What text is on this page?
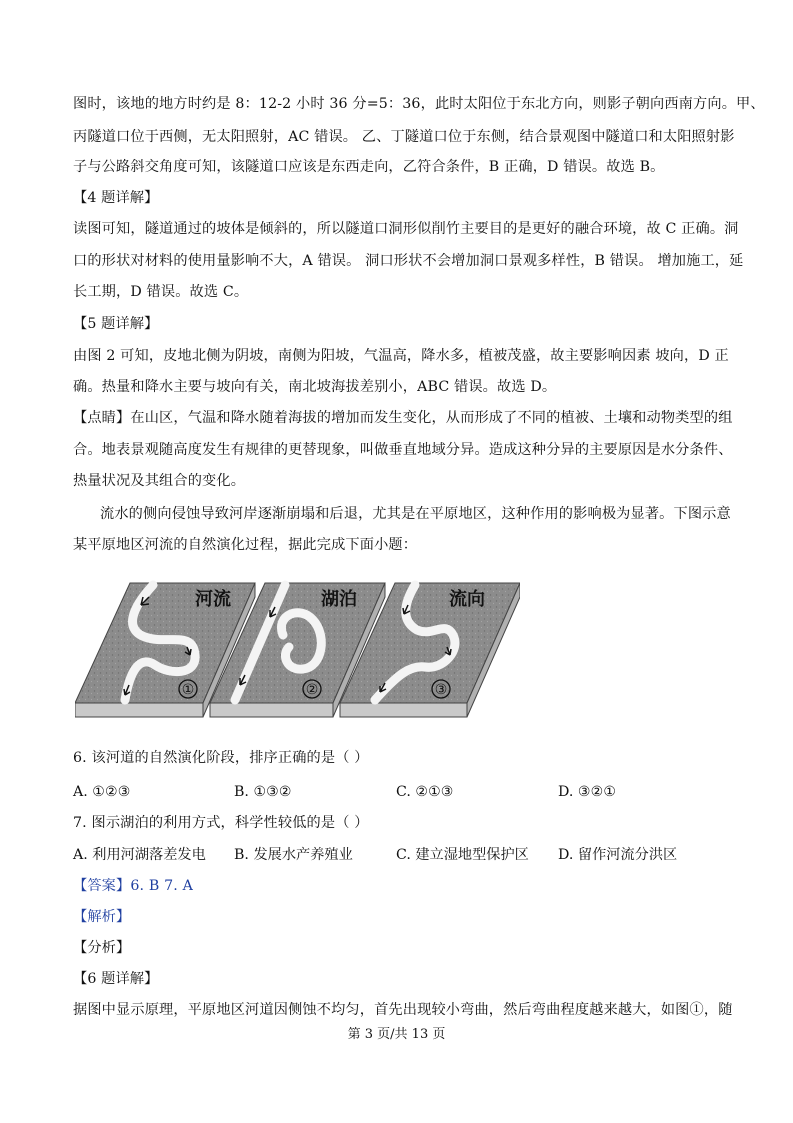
图时，该地的地方时约是 8：12-2 小时 36 分=5：36，此时太阳位于东北方向，则影子朝向西南方向。甲、
丙隧道口位于西侧，无太阳照射，AC 错误。 乙、丁隧道口位于东侧，结合景观图中隧道口和太阳照射影
子与公路斜交角度可知，该隧道口应该是东西走向，乙符合条件，B 正确，D 错误。故选 B。
【4 题详解】
读图可知，隧道通过的坡体是倾斜的，所以隧道口洞形似削竹主要目的是更好的融合环境，故 C 正确。洞
口的形状对材料的使用量影响不大，A 错误。 洞口形状不会增加洞口景观多样性，B 错误。 增加施工，延
长工期，D 错误。故选 C。
【5 题详解】
由图 2 可知，皮地北侧为阴坡，南侧为阳坡，气温高，降水多，植被茂盛，故主要影响因素 坡向，D 正
确。热量和降水主要与坡向有关，南北坡海拔差别小，ABC 错误。故选 D。
【点睛】在山区，气温和降水随着海拔的增加而发生变化，从而形成了不同的植被、土壤和动物类型的组
合。地表景观随高度发生有规律的更替现象，叫做垂直地域分异。造成这种分异的主要原因是水分条件、
热量状况及其组合的变化。
流水的侧向侵蚀导致河岸逐渐崩塌和后退，尤其是在平原地区，这种作用的影响极为显著。下图示意
某平原地区河流的自然演化过程，据此完成下面小题：
河流
①
湖泊
②
流向
③
6. 该河道的自然演化阶段，排序正确的是（ ）
A. ①②③	B. ①③②	C. ②①③	D. ③②①
7. 图示湖泊的利用方式，科学性较低的是（ ）
A. 利用河湖落差发电 B. 发展水产养殖业	C. 建立湿地型保护区 D. 留作河流分洪区
【答案】6. B 7. A
【解析】
【分析】
【6 题详解】
据图中显示原理，平原地区河道因侧蚀不均匀，首先出现较小弯曲，然后弯曲程度越来越大，如图①，随
第 3 页/共 13 页
